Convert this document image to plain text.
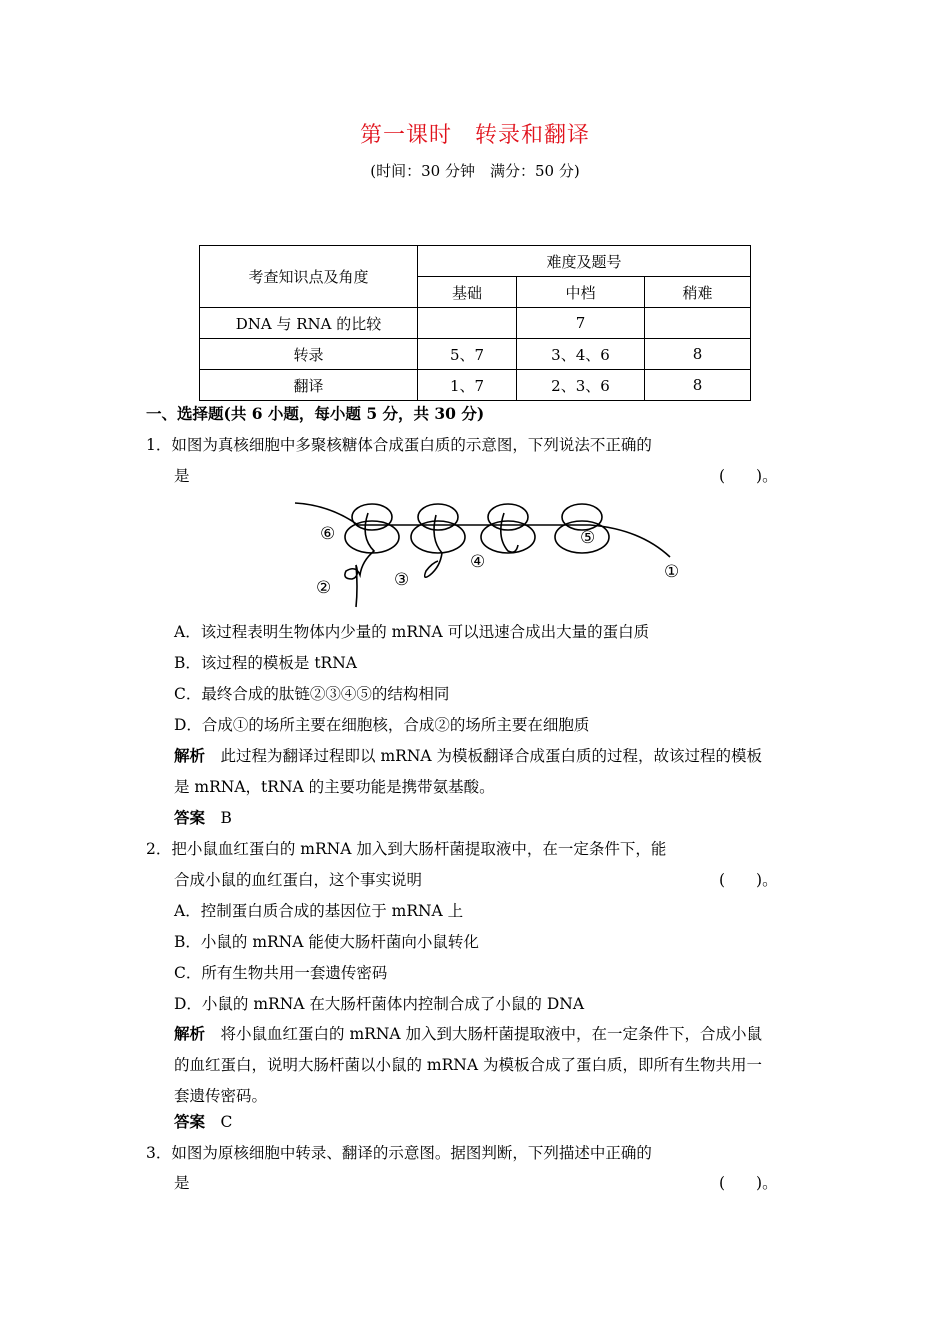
第一课时　转录和翻译
(时间：30 分钟　满分：50 分)
考查知识点及角度	难度及题号		
	基础	中档	稍难
DNA 与 RNA 的比较		7	
转录	5、7	3、4、6	8
翻译	1、7	2、3、6	8
一、选择题(共 6 小题，每小题 5 分，共 30 分)
1．如图为真核细胞中多聚核糖体合成蛋白质的示意图，下列说法不正确的
是	(　　)。
⑥
②	③
④
⑤
①
A．该过程表明生物体内少量的 mRNA 可以迅速合成出大量的蛋白质
B．该过程的模板是 tRNA
C．最终合成的肽链②③④⑤的结构相同
D．合成①的场所主要在细胞核，合成②的场所主要在细胞质
解析　 此过程为翻译过程即以 mRNA 为模板翻译合成蛋白质的过程，故该过程的模板
是 mRNA，tRNA 的主要功能是携带氨基酸。
答案　 B
2．把小鼠血红蛋白的 mRNA 加入到大肠杆菌提取液中，在一定条件下，能
合成小鼠的血红蛋白，这个事实说明	(　　)。
A．控制蛋白质合成的基因位于 mRNA 上
B．小鼠的 mRNA 能使大肠杆菌向小鼠转化
C．所有生物共用一套遗传密码
D．小鼠的 mRNA 在大肠杆菌体内控制合成了小鼠的 DNA
解析　 将小鼠血红蛋白的 mRNA 加入到大肠杆菌提取液中，在一定条件下，合成小鼠
的血红蛋白，说明大肠杆菌以小鼠的 mRNA 为模板合成了蛋白质，即所有生物共用一
套遗传密码。
答案　 C
3．如图为原核细胞中转录、翻译的示意图。据图判断，下列描述中正确的
是	(　　)。
